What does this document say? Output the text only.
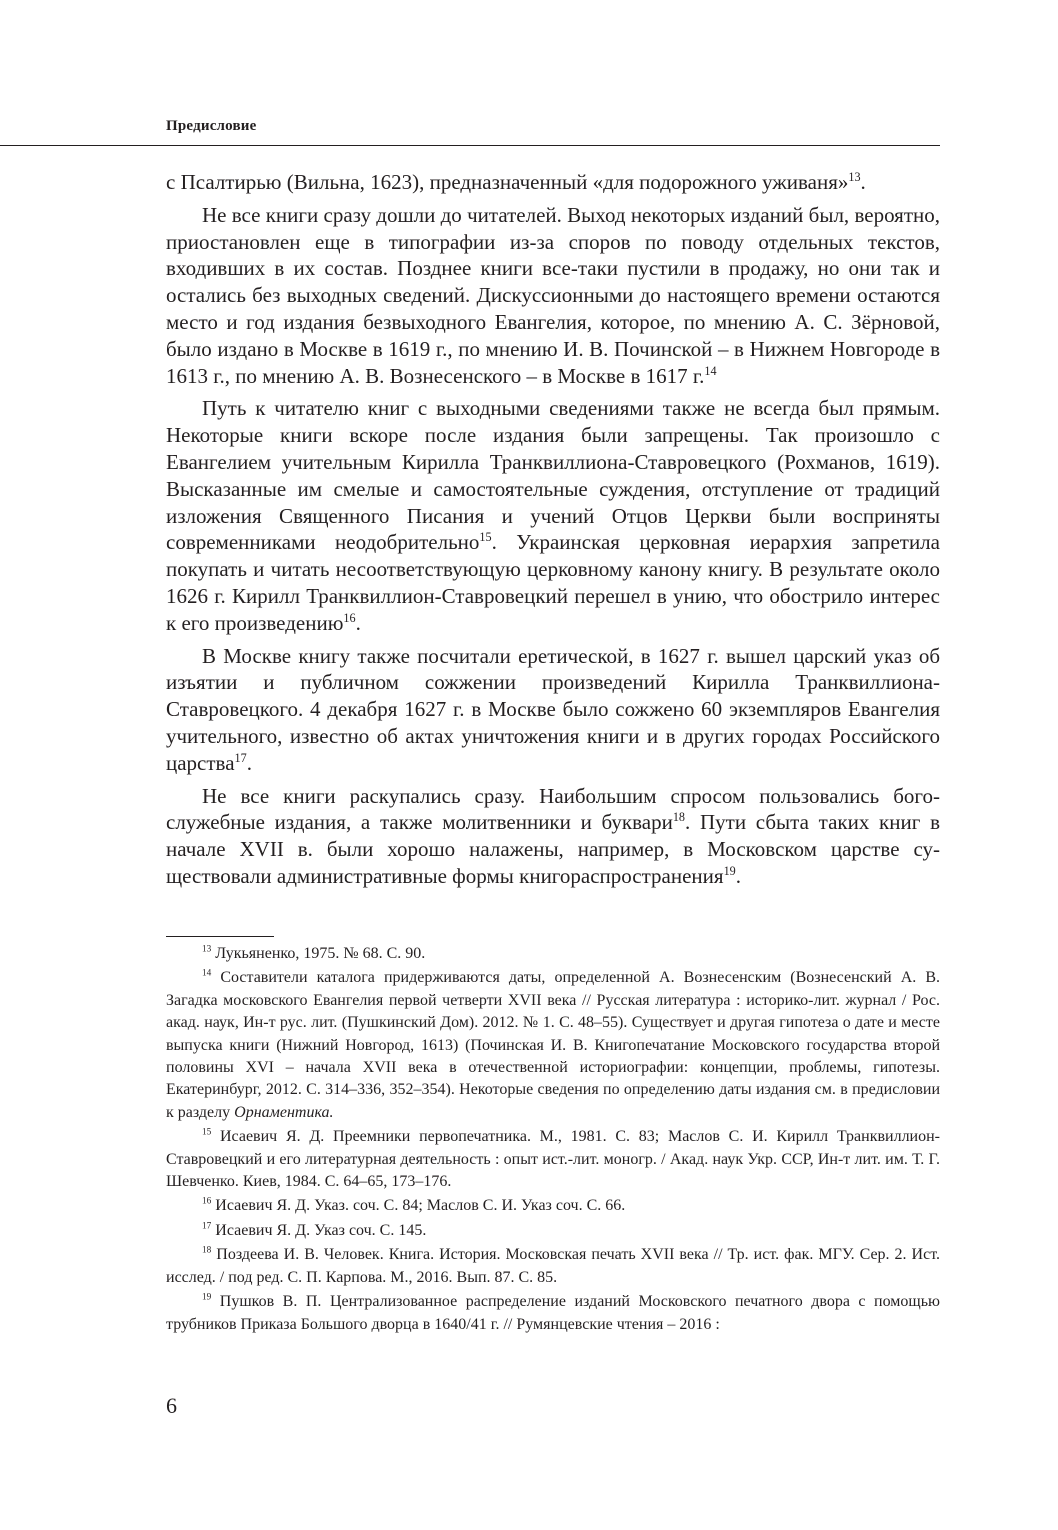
Предисловие

с Псалтирью (Вильна, 1623), предназначенный «для подорожного уживаня»$^{13}$.

Не все книги сразу дошли до читателей. Выход некоторых изданий был, вероятно, приостановлен еще в типографии из-за споров по поводу отдельных текстов, входивших в их состав. Позднее книги все-таки пустили в продажу, но они так и остались без выходных сведений. Дискуссионными до настоящего времени остаются место и год издания безвыходного Евангелия, которое, по мнению А. С. Зёрновой, было издано в Москве в 1619 г., по мнению И. В. Починской – в Нижнем Новгороде в 1613 г., по мнению А. В. Вознесенского – в Москве в 1617 г.$^{14}$

Путь к читателю книг с выходными сведениями также не всегда был прямым. Некоторые книги вскоре после издания были запрещены. Так произошло с Евангелием учительным Кирилла Транквиллиона-Ставровецкого (Рохманов, 1619). Высказанные им смелые и самостоятельные суждения, отступление от традиций изложения Священного Писания и учений Отцов Церкви были восприняты современниками неодобрительно$^{15}$. Украинская церковная иерархия запретила покупать и читать несоответствующую церковному канону книгу. В результате около 1626 г. Кирилл Транквиллион-Ставровецкий перешел в унию, что обострило интерес к его произведению$^{16}$.

В Москве книгу также посчитали еретической, в 1627 г. вышел царский указ об изъятии и публичном сожжении произведений Кирилла Транквиллиона-Ставровецкого. 4 декабря 1627 г. в Москве было сожжено 60 экземпляров Евангелия учительного, известно об актах уничтожения книги и в других городах Российского царства$^{17}$.

Не все книги раскупались сразу. Наибольшим спросом пользовались богослужебные издания, а также молитвенники и буквари$^{18}$. Пути сбыта таких книг в начале XVII в. были хорошо налажены, например, в Московском царстве существовали административные формы книгораспространения$^{19}$.

$^{13}$ Лукьяненко, 1975. № 68. С. 90.

$^{14}$ Составители каталога придерживаются даты, определенной А. Вознесенским (Вознесенский А. В. Загадка московского Евангелия первой четверти XVII века // Русская литература : историко-лит. журнал / Рос. акад. наук, Ин-т рус. лит. (Пушкинский Дом). 2012. № 1. С. 48–55). Существует и другая гипотеза о дате и месте выпуска книги (Нижний Новгород, 1613) (Починская И. В. Книгопечатание Московского государства второй половины XVI – начала XVII века в отечественной историографии: концепции, проблемы, гипотезы. Екатеринбург, 2012. С. 314–336, 352–354). Некоторые сведения по определению даты издания см. в предисловии к разделу Орнаментика.

$^{15}$ Исаевич Я. Д. Преемники первопечатника. М., 1981. С. 83; Маслов С. И. Кирилл Транквиллион-Ставровецкий и его литературная деятельность : опыт ист.-лит. моногр. / Акад. наук Укр. ССР, Ин-т лит. им. Т. Г. Шевченко. Киев, 1984. С. 64–65, 173–176.

$^{16}$ Исаевич Я. Д. Указ. соч. С. 84; Маслов С. И. Указ соч. С. 66.

$^{17}$ Исаевич Я. Д. Указ соч. С. 145.

$^{18}$ Поздеева И. В. Человек. Книга. История. Московская печать XVII века // Тр. ист. фак. МГУ. Сер. 2. Ист. исслед. / под ред. С. П. Карпова. М., 2016. Вып. 87. С. 85.

$^{19}$ Пушков В. П. Централизованное распределение изданий Московского печатного двора с помощью трубников Приказа Большого дворца в 1640/41 г. // Румянцевские чтения – 2016 :

6
